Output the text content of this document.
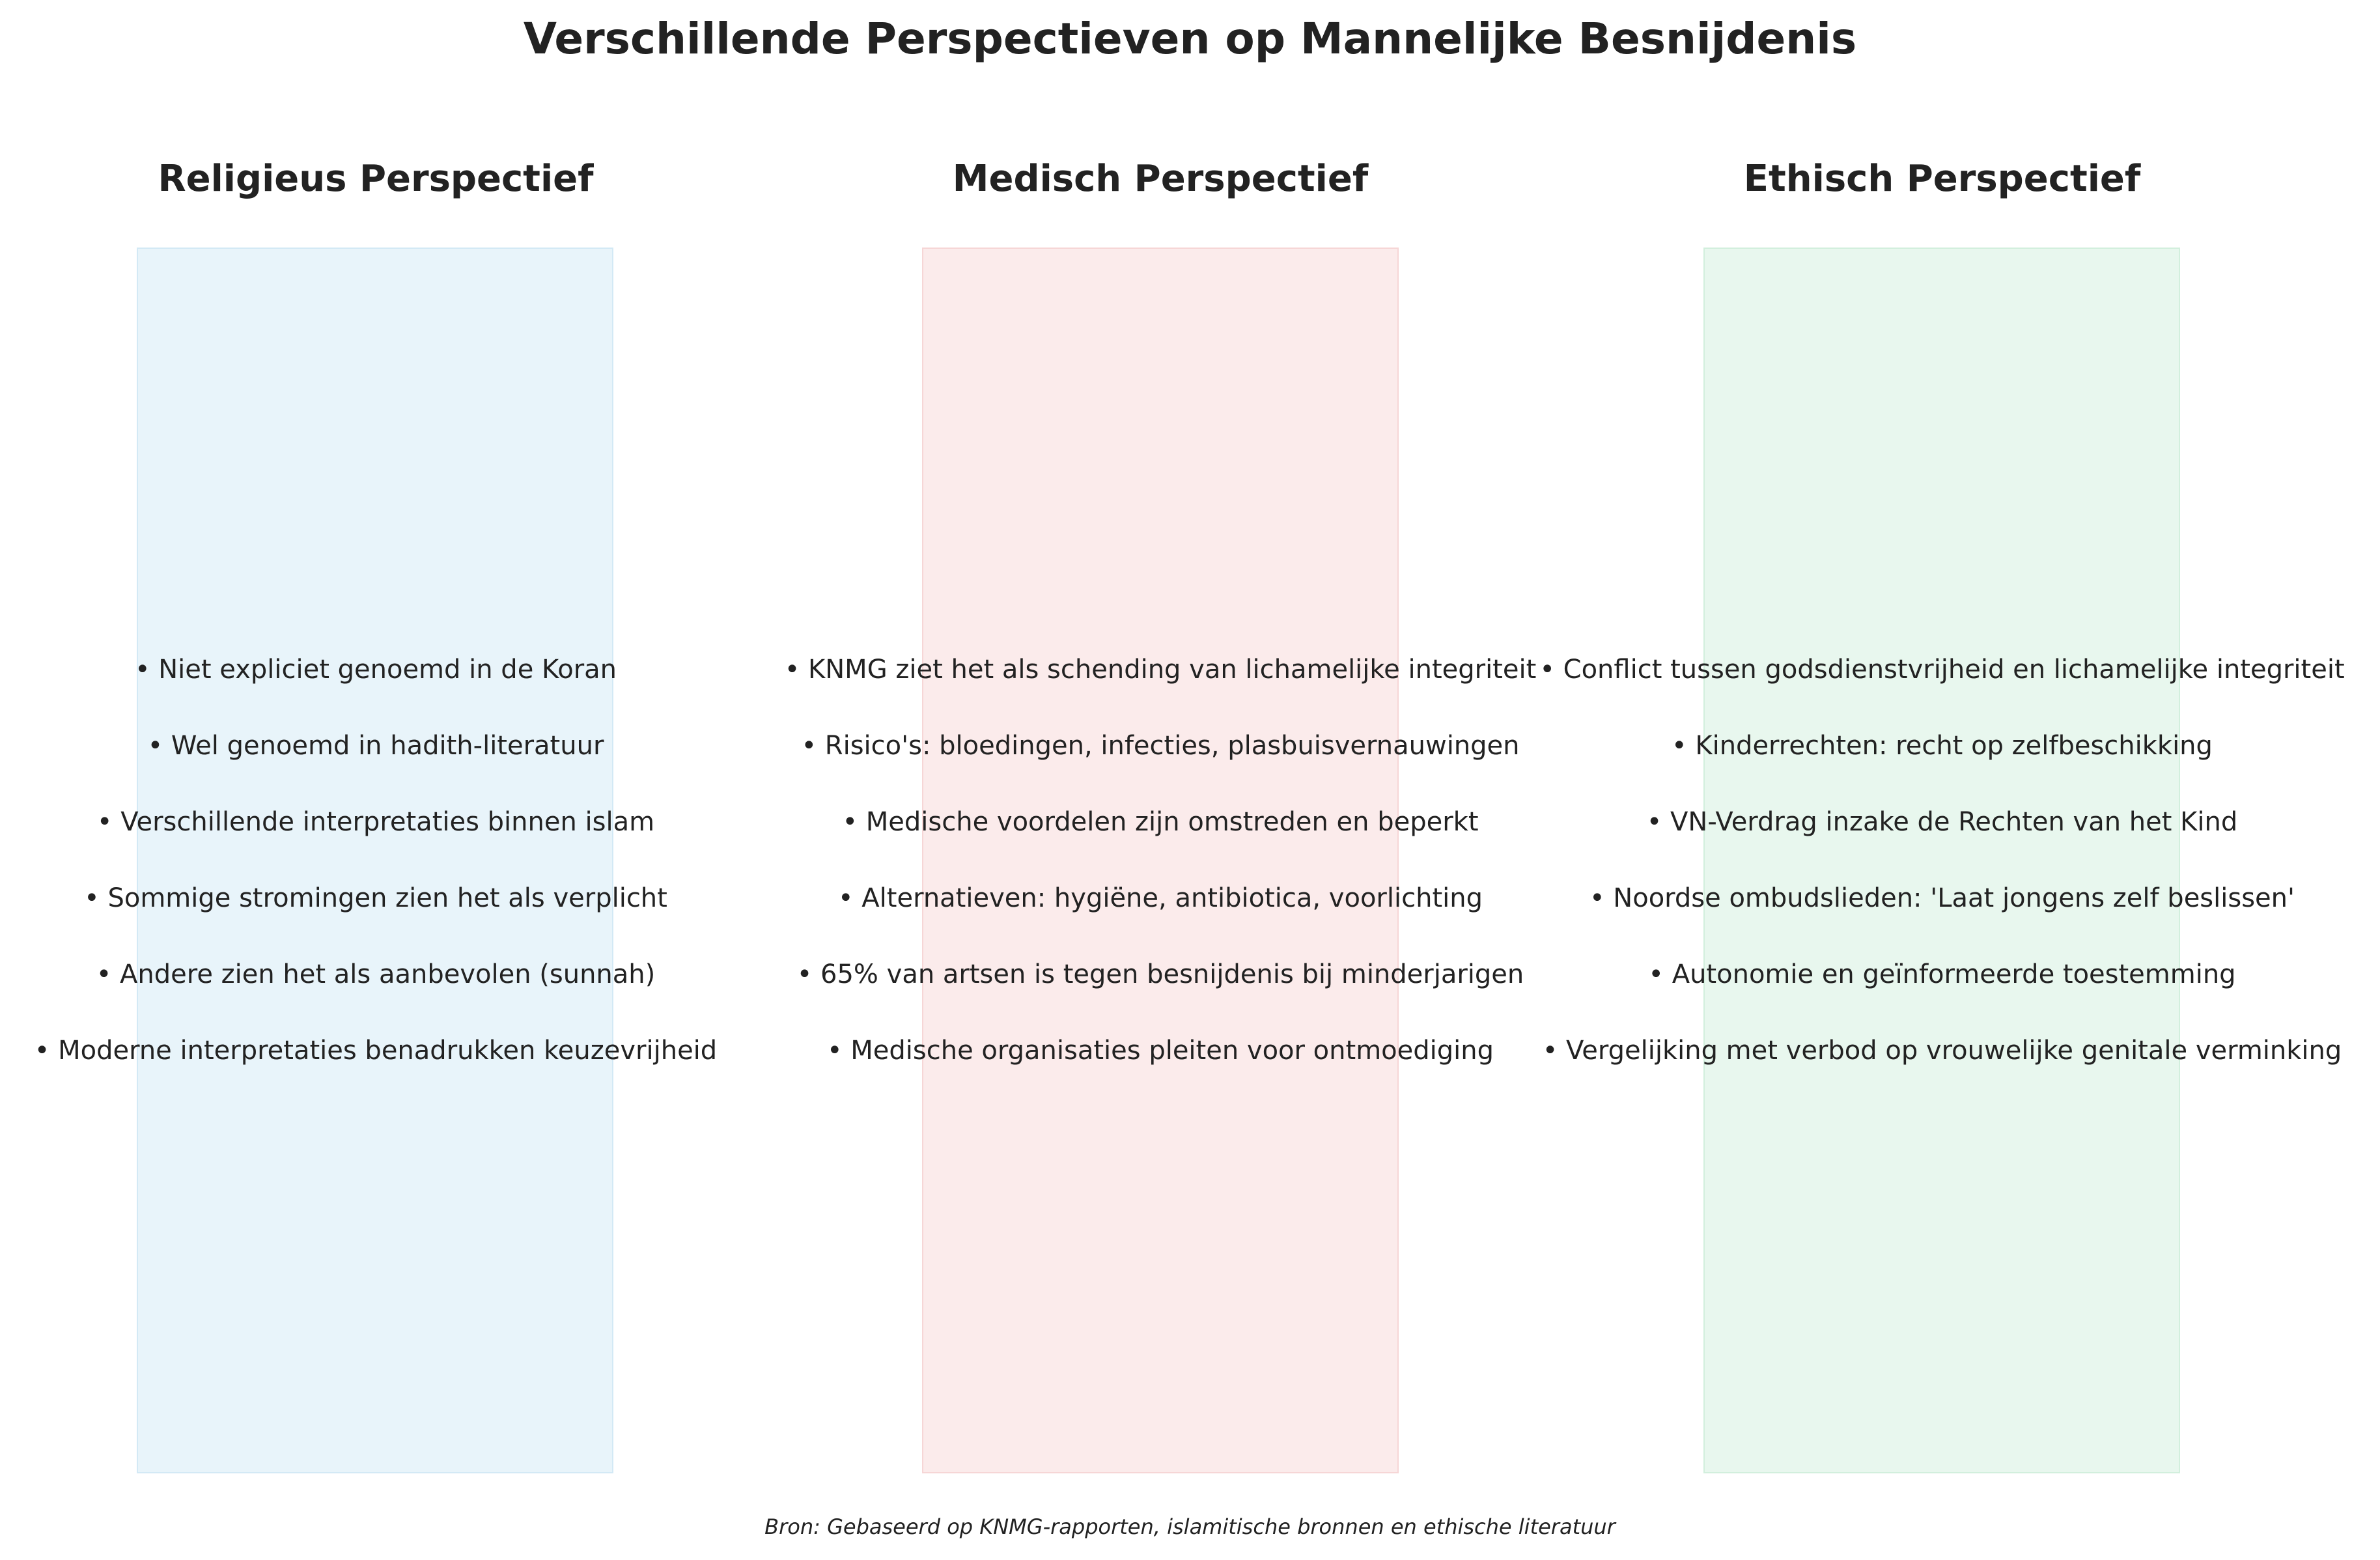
Verschillende Perspectieven op Mannelijke Besnijdenis
Religieus Perspectief
• Niet expliciet genoemd in de Koran
• Wel genoemd in hadith-literatuur
• Verschillende interpretaties binnen islam
• Sommige stromingen zien het als verplicht
• Andere zien het als aanbevolen (sunnah)
• Moderne interpretaties benadrukken keuzevrijheid
Medisch Perspectief
• KNMG ziet het als schending van lichamelijke integriteit
• Risico's: bloedingen, infecties, plasbuisvernauwingen
• Medische voordelen zijn omstreden en beperkt
• Alternatieven: hygiëne, antibiotica, voorlichting
• 65% van artsen is tegen besnijdenis bij minderjarigen
• Medische organisaties pleiten voor ontmoediging
Ethisch Perspectief
• Conflict tussen godsdienstvrijheid en lichamelijke integriteit
• Kinderrechten: recht op zelfbeschikking
• VN-Verdrag inzake de Rechten van het Kind
• Noordse ombudslieden: 'Laat jongens zelf beslissen'
• Autonomie en geïnformeerde toestemming
• Vergelijking met verbod op vrouwelijke genitale verminking
Bron: Gebaseerd op KNMG-rapporten, islamitische bronnen en ethische literatuur
